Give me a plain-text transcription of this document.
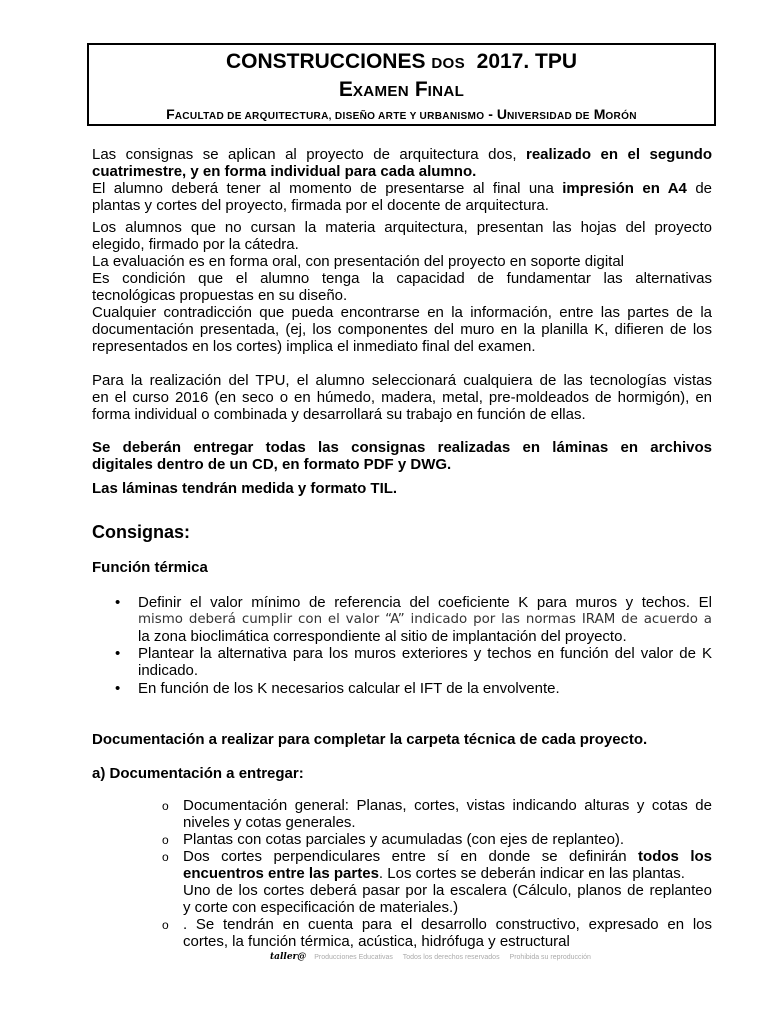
CONSTRUCCIONES DOS 2017. TPU
EXAMEN FINAL
FACULTAD DE ARQUITECTURA, DISEÑO ARTE Y URBANISMO - UNIVERSIDAD DE MORÓN
Las consignas se aplican al proyecto de arquitectura dos, realizado en el segundo
cuatrimestre, y en forma individual para cada alumno.
El alumno deberá tener al momento de presentarse al final una impresión en A4 de
plantas y cortes del proyecto, firmada por el docente de arquitectura.
Los alumnos que no cursan la materia arquitectura, presentan las hojas del proyecto
elegido, firmado por la cátedra.
La evaluación es en forma oral, con presentación del proyecto en soporte digital
Es condición que el alumno tenga la capacidad de fundamentar las alternativas
tecnológicas propuestas en su diseño.
Cualquier contradicción que pueda encontrarse en la información, entre las partes de la
documentación presentada, (ej, los componentes del muro en la planilla K, difieren de los
representados en los cortes) implica el inmediato final del examen.
Para la realización del TPU, el alumno seleccionará cualquiera de las tecnologías vistas
en el curso 2016 (en seco o en húmedo, madera, metal, pre-moldeados de hormigón), en
forma individual o combinada y desarrollará su trabajo en función de ellas.
Se deberán entregar todas las consignas realizadas en láminas en archivos
digitales dentro de un CD, en formato PDF y DWG.
Las láminas tendrán medida y formato TIL.
Consignas:
Función térmica
• Definir el valor mínimo de referencia del coeficiente K para muros y techos. El
mismo deberá cumplir con el valor “A” indicado por las normas IRAM de acuerdo a
la zona bioclimática correspondiente al sitio de implantación del proyecto.
• Plantear la alternativa para los muros exteriores y techos en función del valor de K
indicado.
• En función de los K necesarios calcular el IFT de la envolvente.
Documentación a realizar para completar la carpeta técnica de cada proyecto.
a) Documentación a entregar:
o Documentación general: Planas, cortes, vistas indicando alturas y cotas de
niveles y cotas generales.
o Plantas con cotas parciales y acumuladas (con ejes de replanteo).
o Dos cortes perpendiculares entre sí en donde se definirán todos los
encuentros entre las partes. Los cortes se deberán indicar en las plantas.
Uno de los cortes deberá pasar por la escalera (Cálculo, planos de replanteo
y corte con especificación de materiales.)
o . Se tendrán en cuenta para el desarrollo constructivo, expresado en los
cortes, la función térmica, acústica, hidrófuga y estructural
taller@ Producciones Educativas Todos los derechos reservados Prohibida su reproducción
